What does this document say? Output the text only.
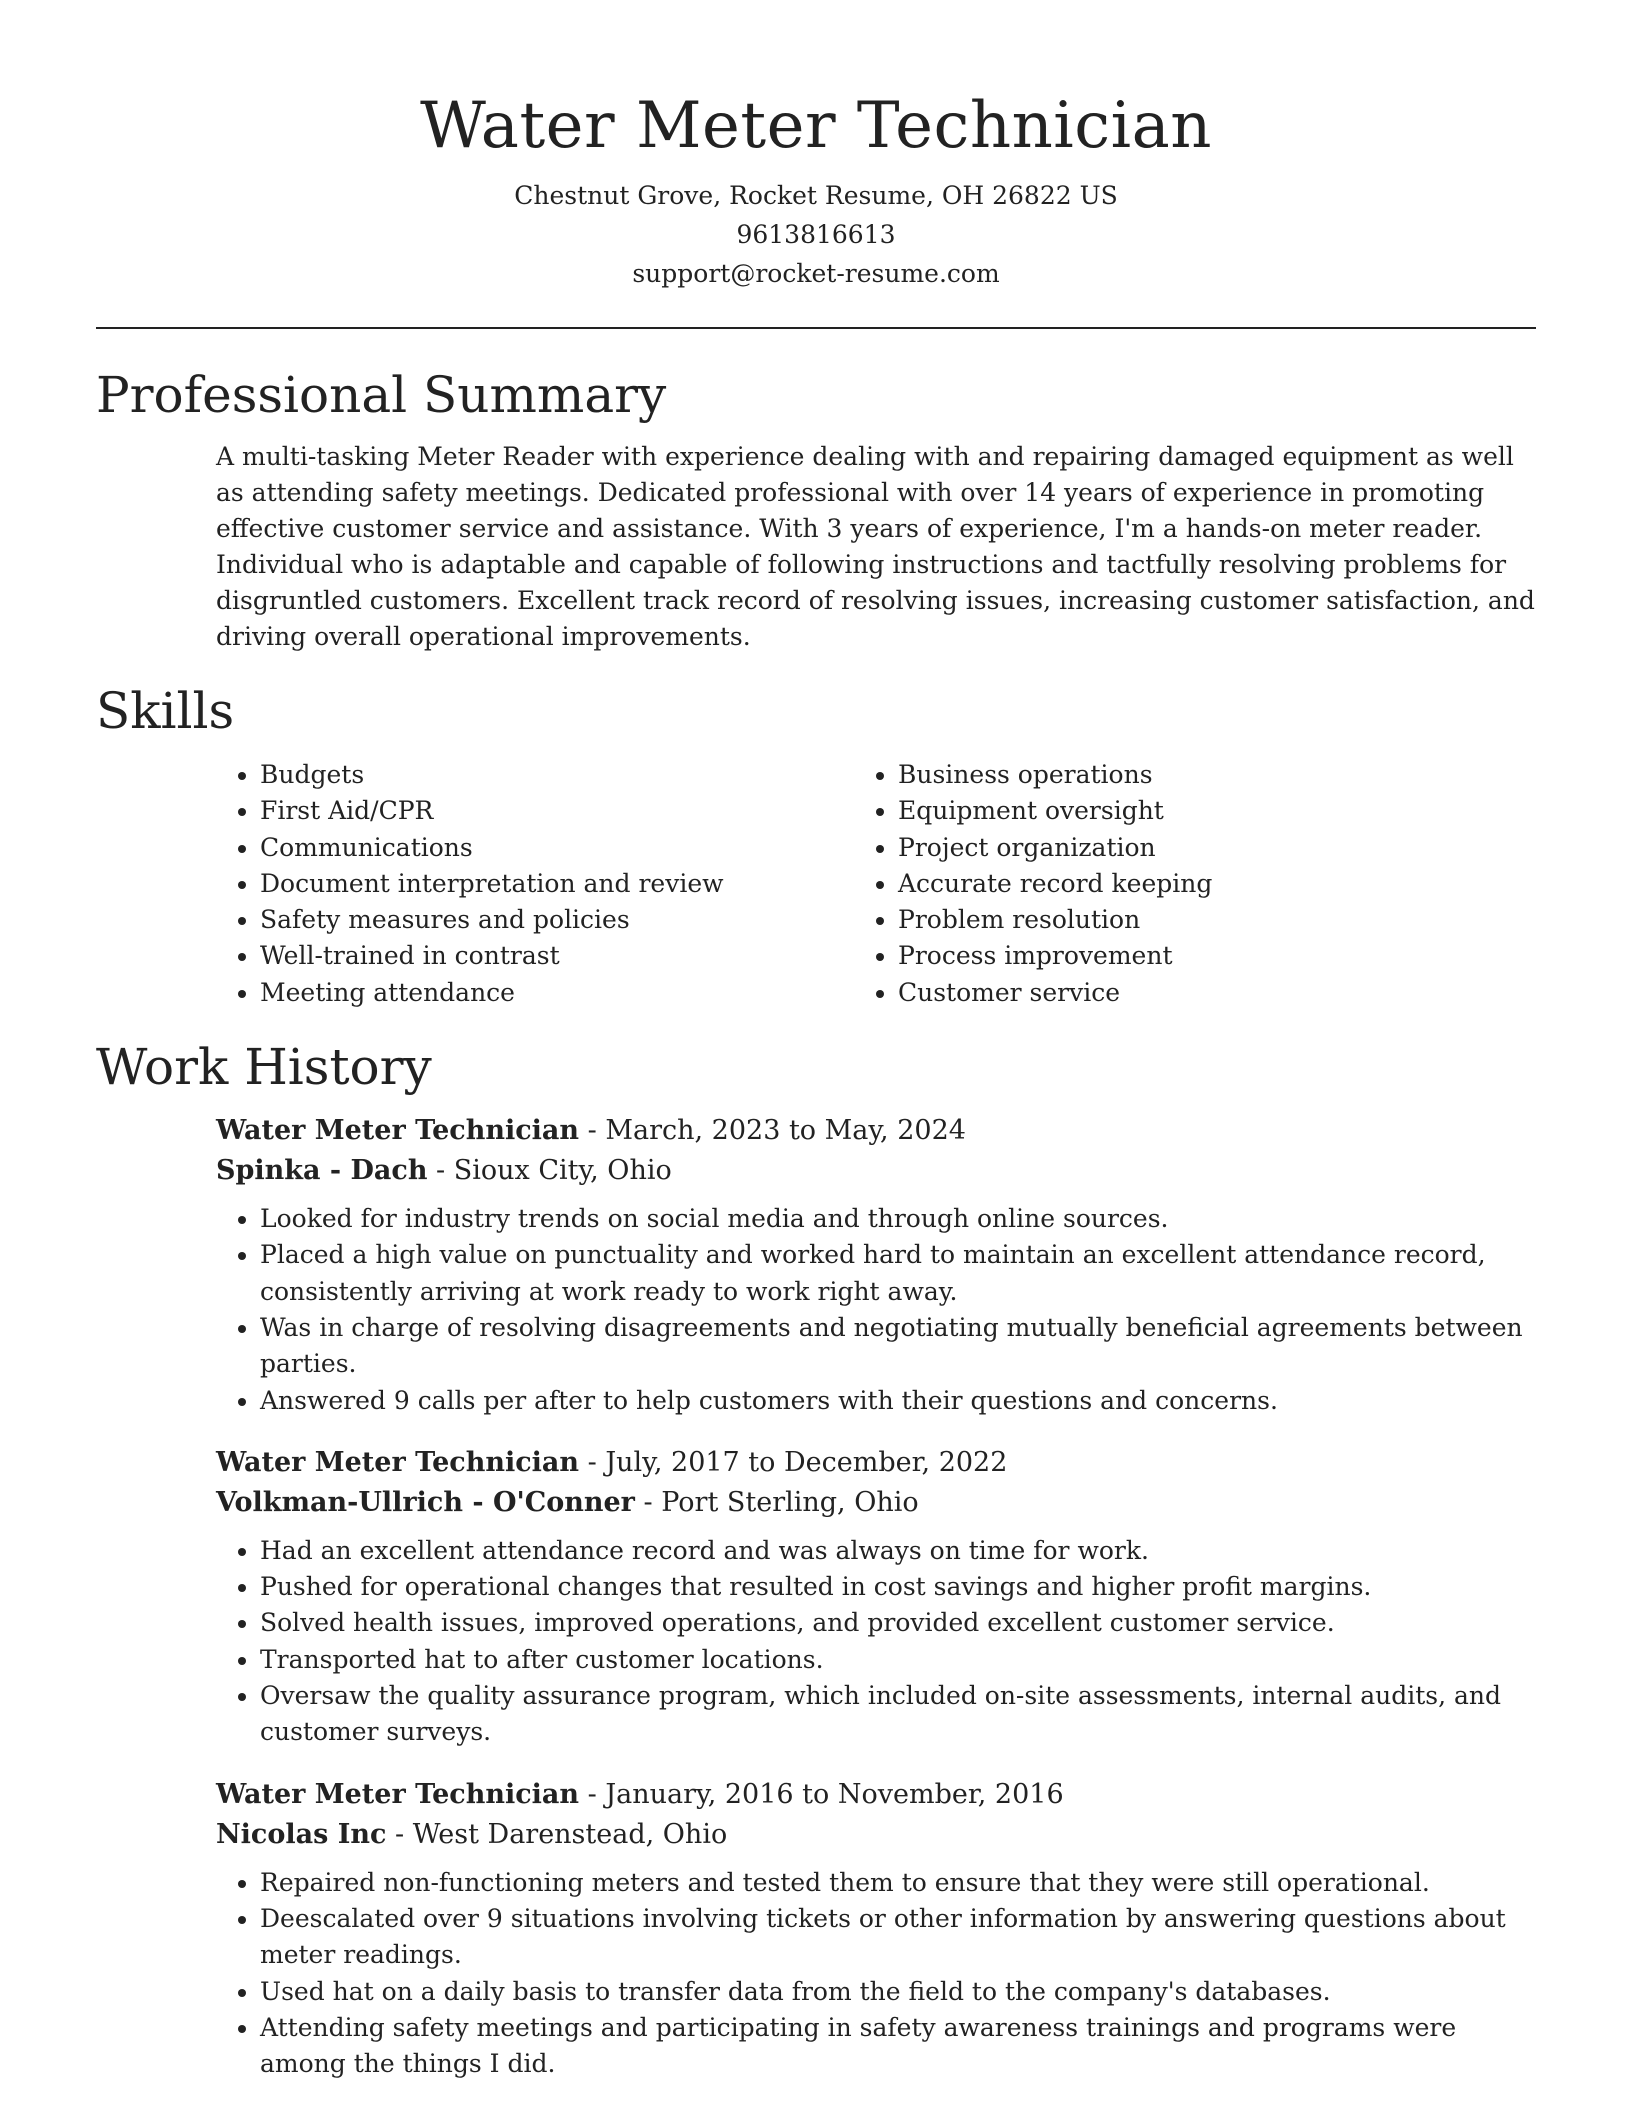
Water Meter Technician
Chestnut Grove, Rocket Resume, OH 26822 US
9613816613
support@rocket-resume.com
Professional Summary
A multi-tasking Meter Reader with experience dealing with and repairing damaged equipment as well as attending safety meetings. Dedicated professional with over 14 years of experience in promoting effective customer service and assistance. With 3 years of experience, I'm a hands-on meter reader. Individual who is adaptable and capable of following instructions and tactfully resolving problems for disgruntled customers. Excellent track record of resolving issues, increasing customer satisfaction, and driving overall operational improvements.
Skills
• Budgets
• First Aid/CPR
• Communications
• Document interpretation and review
• Safety measures and policies
• Well-trained in contrast
• Meeting attendance
• Business operations
• Equipment oversight
• Project organization
• Accurate record keeping
• Problem resolution
• Process improvement
• Customer service
Work History
Water Meter Technician - March, 2023 to May, 2024
Spinka - Dach - Sioux City, Ohio
• Looked for industry trends on social media and through online sources.
• Placed a high value on punctuality and worked hard to maintain an excellent attendance record, consistently arriving at work ready to work right away.
• Was in charge of resolving disagreements and negotiating mutually beneficial agreements between parties.
• Answered 9 calls per after to help customers with their questions and concerns.
Water Meter Technician - July, 2017 to December, 2022
Volkman-Ullrich - O'Conner - Port Sterling, Ohio
• Had an excellent attendance record and was always on time for work.
• Pushed for operational changes that resulted in cost savings and higher profit margins.
• Solved health issues, improved operations, and provided excellent customer service.
• Transported hat to after customer locations.
• Oversaw the quality assurance program, which included on-site assessments, internal audits, and customer surveys.
Water Meter Technician - January, 2016 to November, 2016
Nicolas Inc - West Darenstead, Ohio
• Repaired non-functioning meters and tested them to ensure that they were still operational.
• Deescalated over 9 situations involving tickets or other information by answering questions about meter readings.
• Used hat on a daily basis to transfer data from the field to the company's databases.
• Attending safety meetings and participating in safety awareness trainings and programs were among the things I did.
